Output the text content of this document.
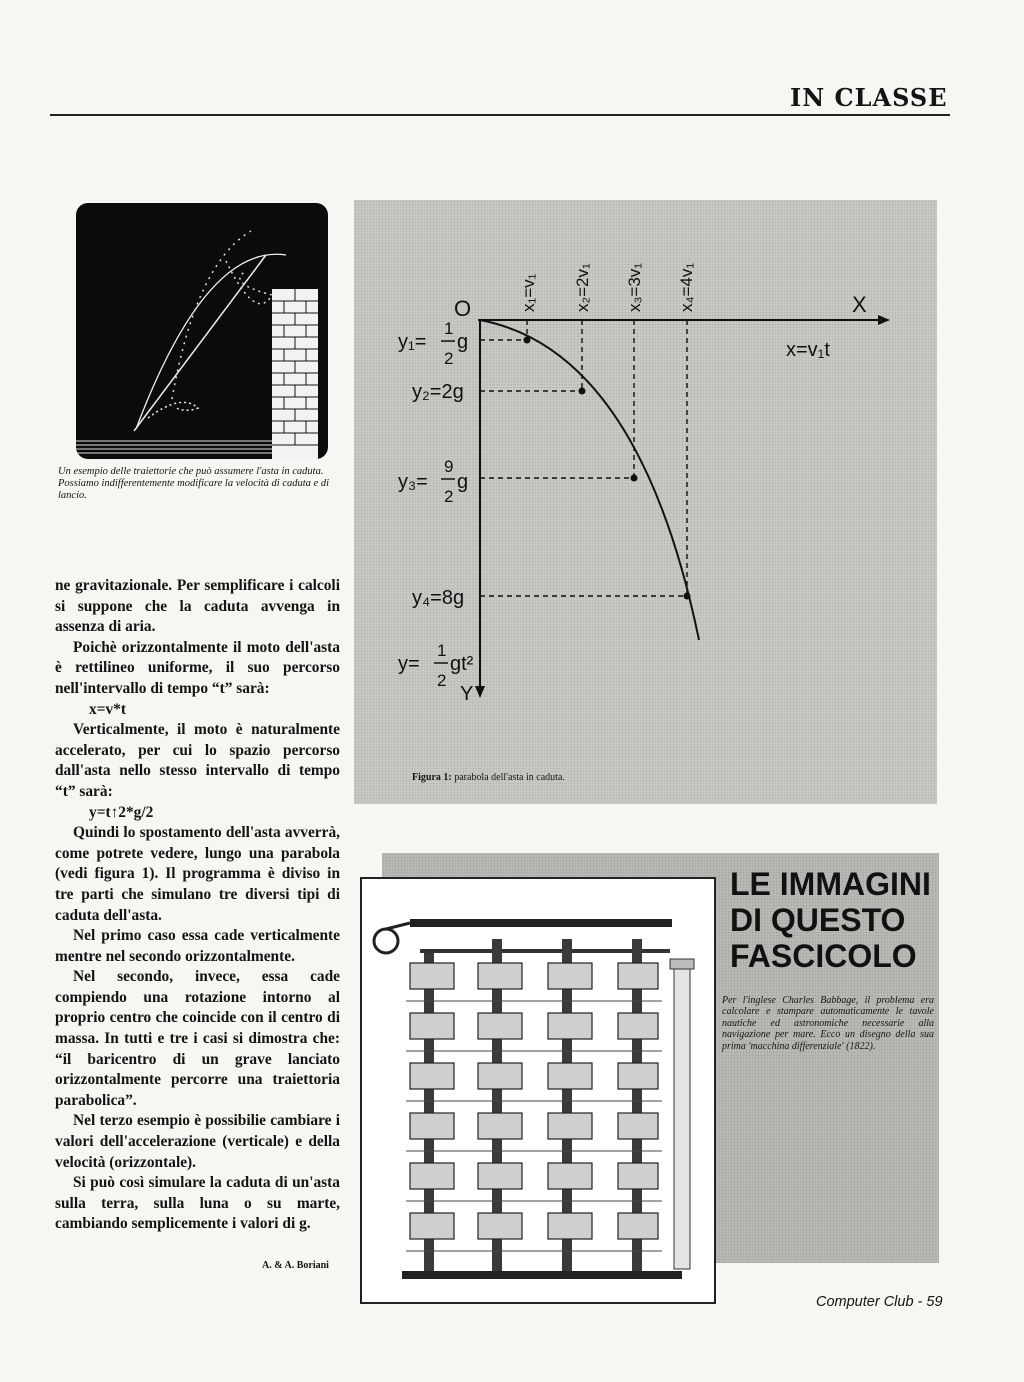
IN CLASSE
Un esempio delle traiettorie che può assumere l'asta in caduta. Possiamo indifferentemente modificare la velocità di caduta e di lancio.
O	X
Y
x=v₁t
y₁=
1
2
g
y₂=2g
y₃=
9
2
g
y₄=8g
y=
1
2
gt²
x₁=v₁ x₂=2v₁ x₃=3v₁ x₄=4v₁
Figura 1: parabola dell'asta in caduta.

ne gravitazionale. Per semplificare i calcoli si suppone che la caduta avvenga in assenza di aria.

Poichè orizzontalmente il moto dell'asta è rettilineo uniforme, il suo percorso nell'intervallo di tempo “t” sarà:

x=v*t

Verticalmente, il moto è naturalmente accelerato, per cui lo spazio percorso dall'asta nello stesso intervallo di tempo “t” sarà:

y=t↑2*g/2

Quindi lo spostamento dell'asta avverrà, come potrete vedere, lungo una parabola (vedi figura 1). Il programma è diviso in tre parti che simulano tre diversi tipi di caduta dell'asta.

Nel primo caso essa cade verticalmente mentre nel secondo orizzontalmente.

Nel secondo, invece, essa cade compiendo una rotazione intorno al proprio centro che coincide con il centro di massa. In tutti e tre i casi si dimostra che: “il baricentro di un grave lanciato orizzontalmente percorre una traiettoria parabolica”.

Nel terzo esempio è possibilie cambiare i valori dell'accelerazione (verticale) e della velocità (orizzontale).

Si può così simulare la caduta di un'asta sulla terra, sulla luna o su marte, cambiando semplicemente i valori di g.

A. & A. Boriani
LE IMMAGINI
DI QUESTO
FASCICOLO
Per l'inglese Charles Babbage, il problema era calcolare e stampare automaticamente le tavole nautiche ed astronomiche necessarie alla navigazione per mare. Ecco un disegno della sua prima 'macchina differenziale' (1822).
Computer Club - 59
